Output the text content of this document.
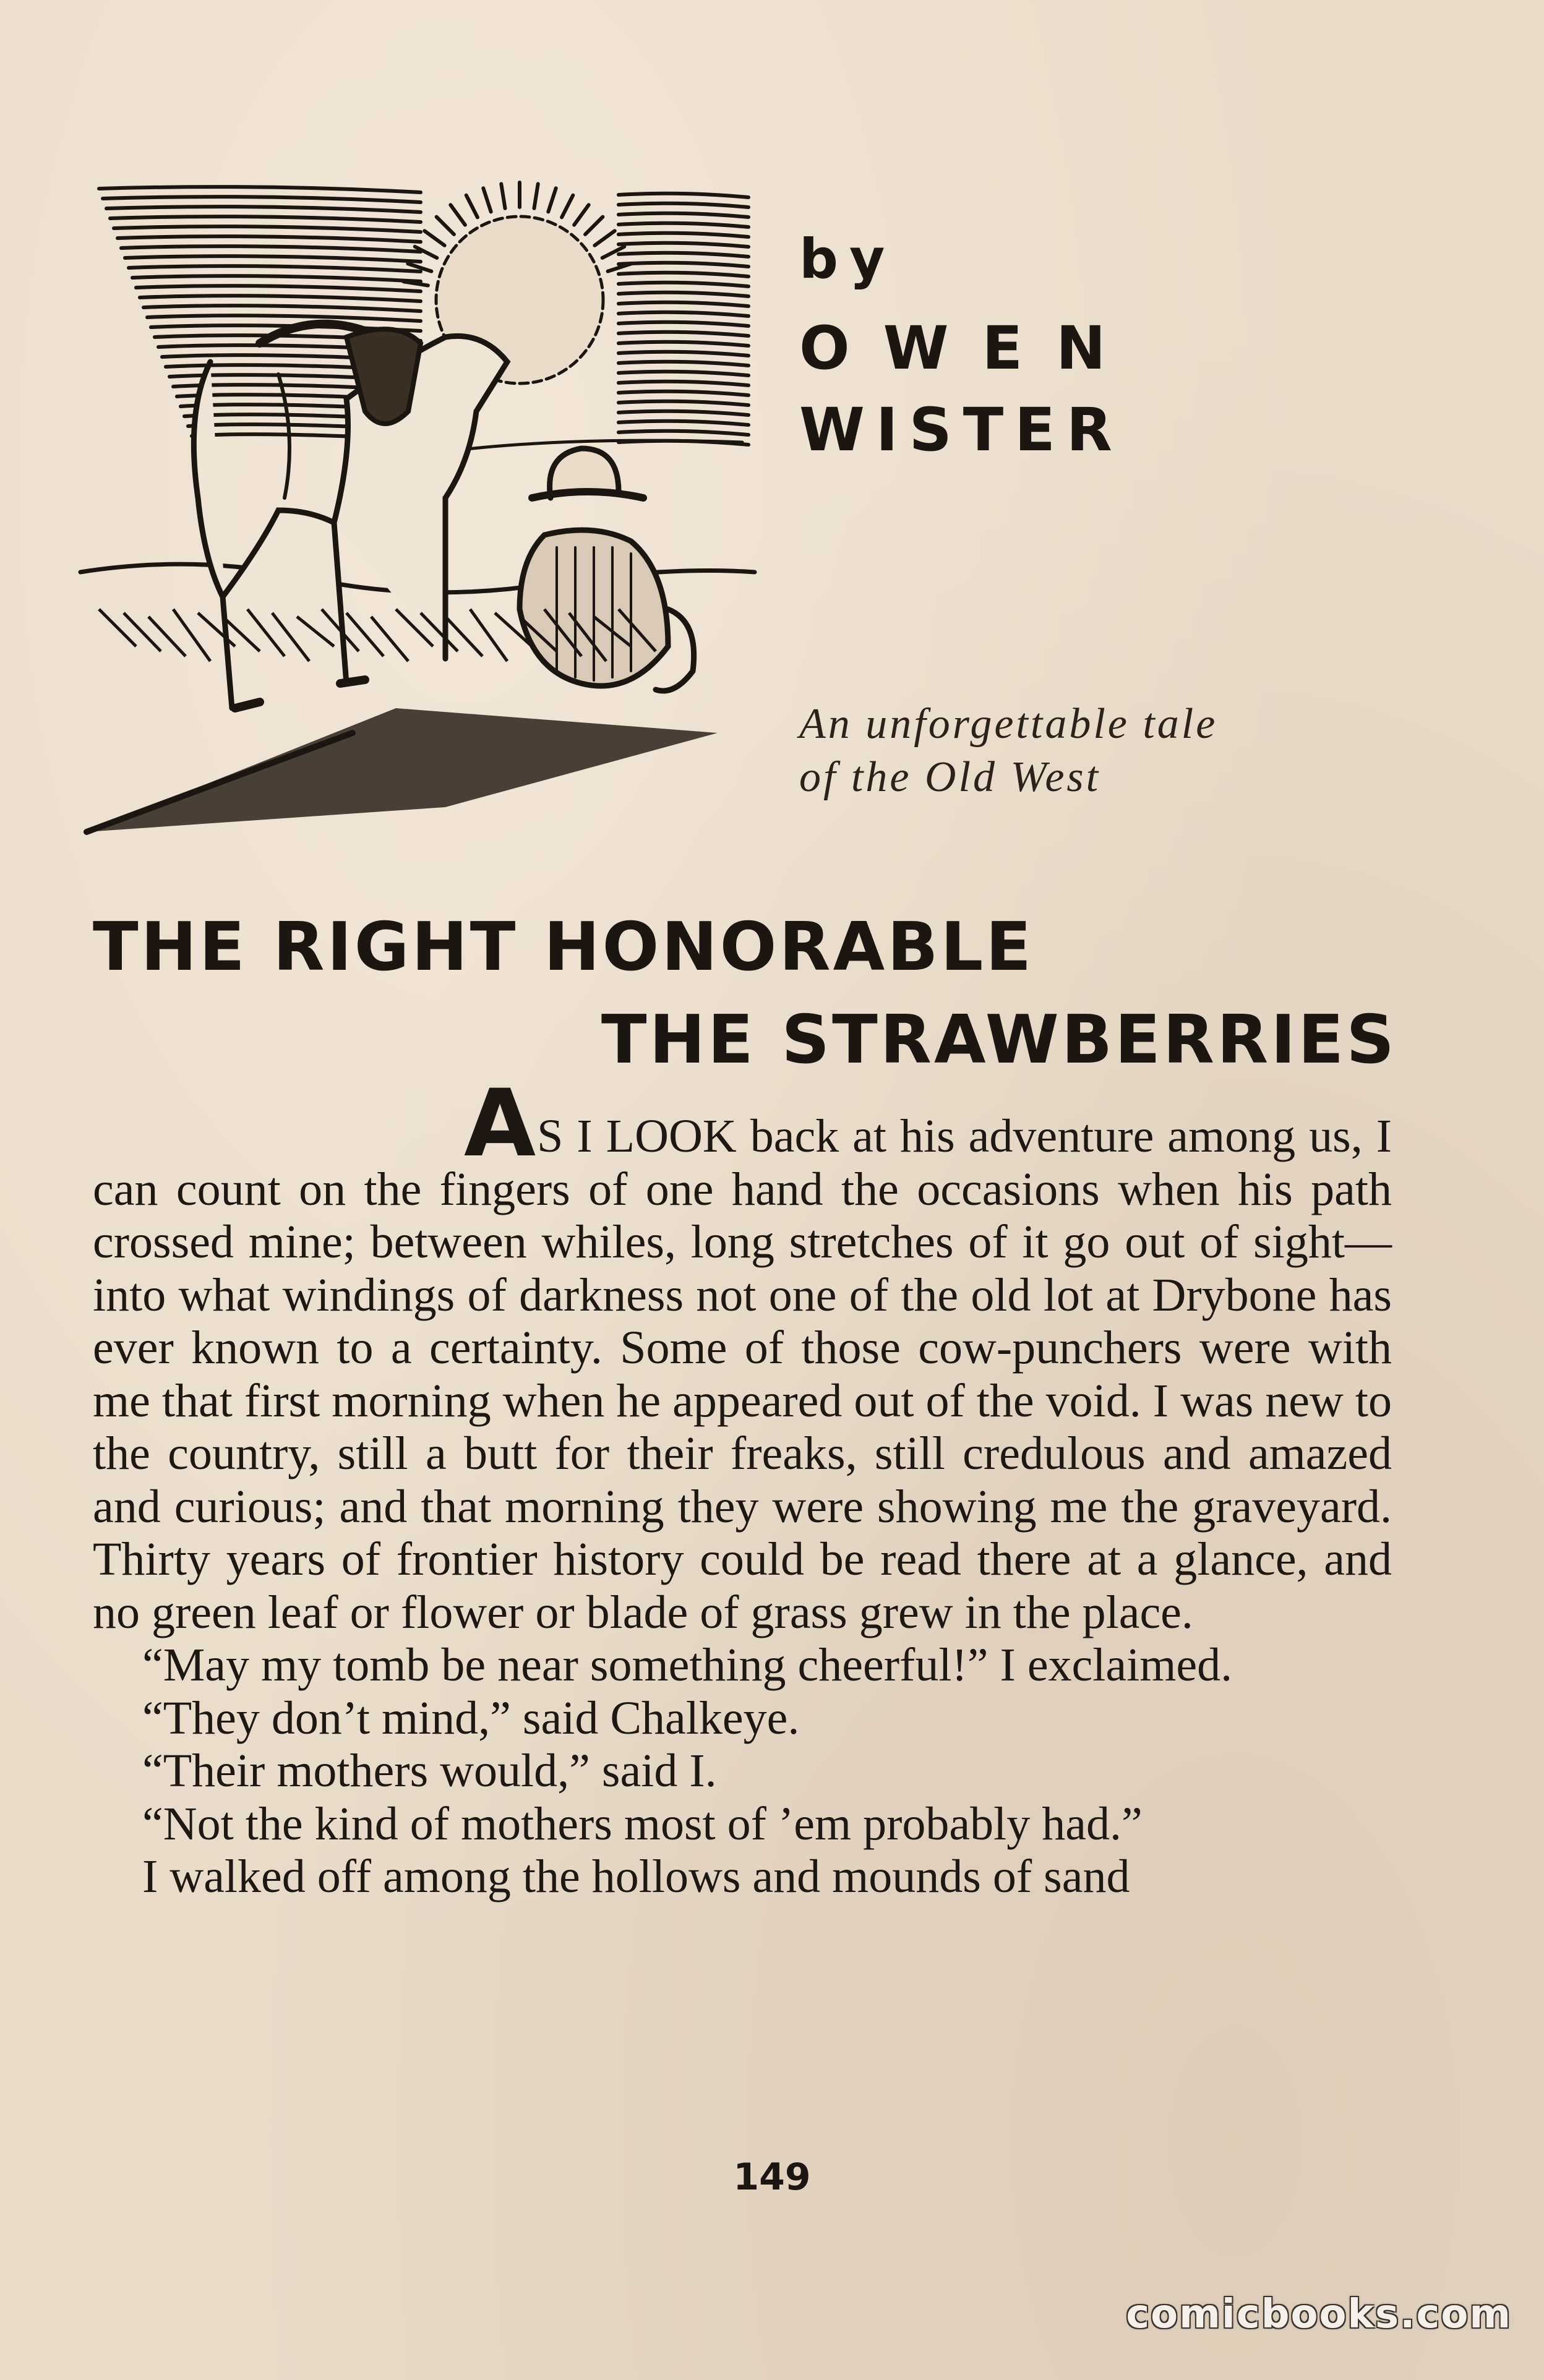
by
OWEN
WISTER
An unforgettable tale
of the Old West
THE RIGHT HONORABLE
THE STRAWBERRIES

AS I LOOK back at his adventure among us, I can count on the fingers of one hand the occasions when his path crossed mine; between whiles, long stretches of it go out of sight—into what windings of darkness not one of the old lot at Drybone has ever known to a certainty. Some of those cow-punchers were with me that first morning when he appeared out of the void. I was new to the country, still a butt for their freaks, still credulous and amazed and curious; and that morning they were showing me the graveyard. Thirty years of frontier history could be read there at a glance, and no green leaf or flower or blade of grass grew in the place.

“May my tomb be near something cheerful!” I exclaimed.

“They don’t mind,” said Chalkeye.

“Their mothers would,” said I.

“Not the kind of mothers most of ’em probably had.”

I walked off among the hollows and mounds of sand

149
comicbooks.com
